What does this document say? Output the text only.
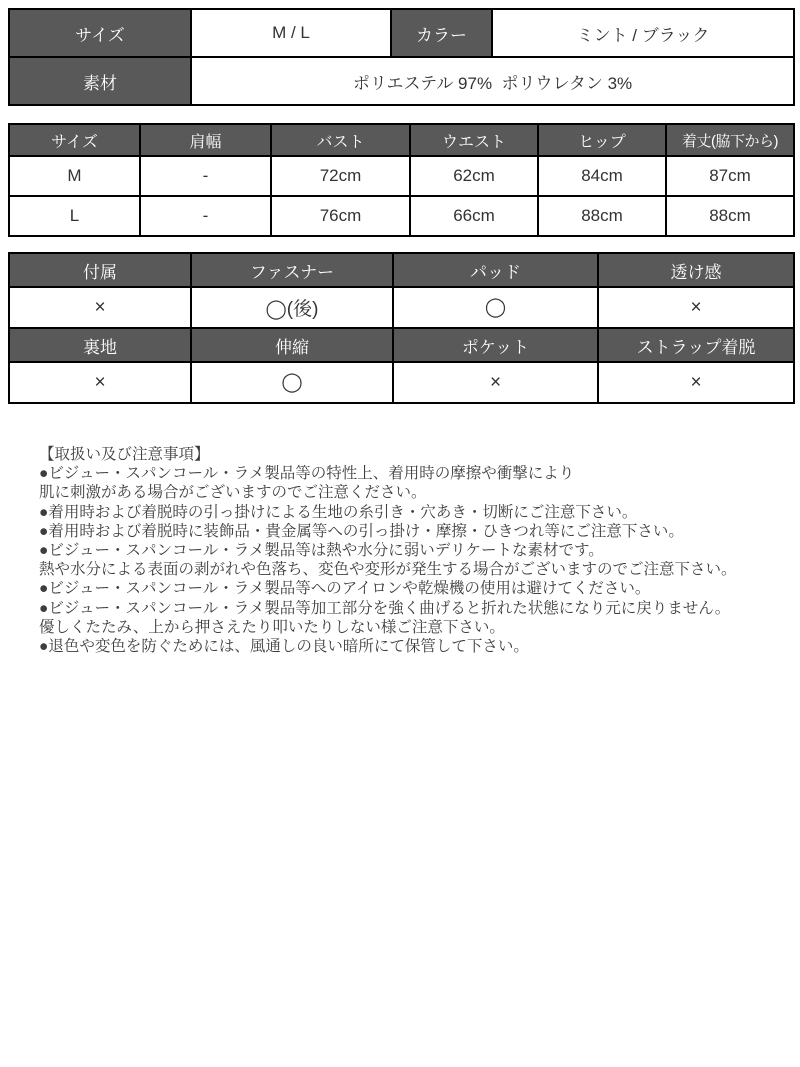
サイズ	M / L	カラー	ミント / ブラック
素材	ポリエステル 97%  ポリウレタン 3%		
サイズ	肩幅	バスト	ウエスト	ヒップ	着丈(脇下から)
M	-	72cm	62cm	84cm	87cm
L	-	76cm	66cm	88cm	88cm
付属	ファスナー	パッド	透け感
×	◯(後)	◯	×
裏地	伸縮	ポケット	ストラップ着脱
×	◯	×	×
【取扱い及び注意事項】
●ビジュー・スパンコール・ラメ製品等の特性上、着用時の摩擦や衝撃により
肌に刺激がある場合がございますのでご注意ください。
●着用時および着脱時の引っ掛けによる生地の糸引き・穴あき・切断にご注意下さい。
●着用時および着脱時に装飾品・貴金属等への引っ掛け・摩擦・ひきつれ等にご注意下さい。
●ビジュー・スパンコール・ラメ製品等は熱や水分に弱いデリケートな素材です。
熱や水分による表面の剥がれや色落ち、変色や変形が発生する場合がございますのでご注意下さい。
●ビジュー・スパンコール・ラメ製品等へのアイロンや乾燥機の使用は避けてください。
●ビジュー・スパンコール・ラメ製品等加工部分を強く曲げると折れた状態になり元に戻りません。
優しくたたみ、上から押さえたり叩いたりしない様ご注意下さい。
●退色や変色を防ぐためには、風通しの良い暗所にて保管して下さい。
